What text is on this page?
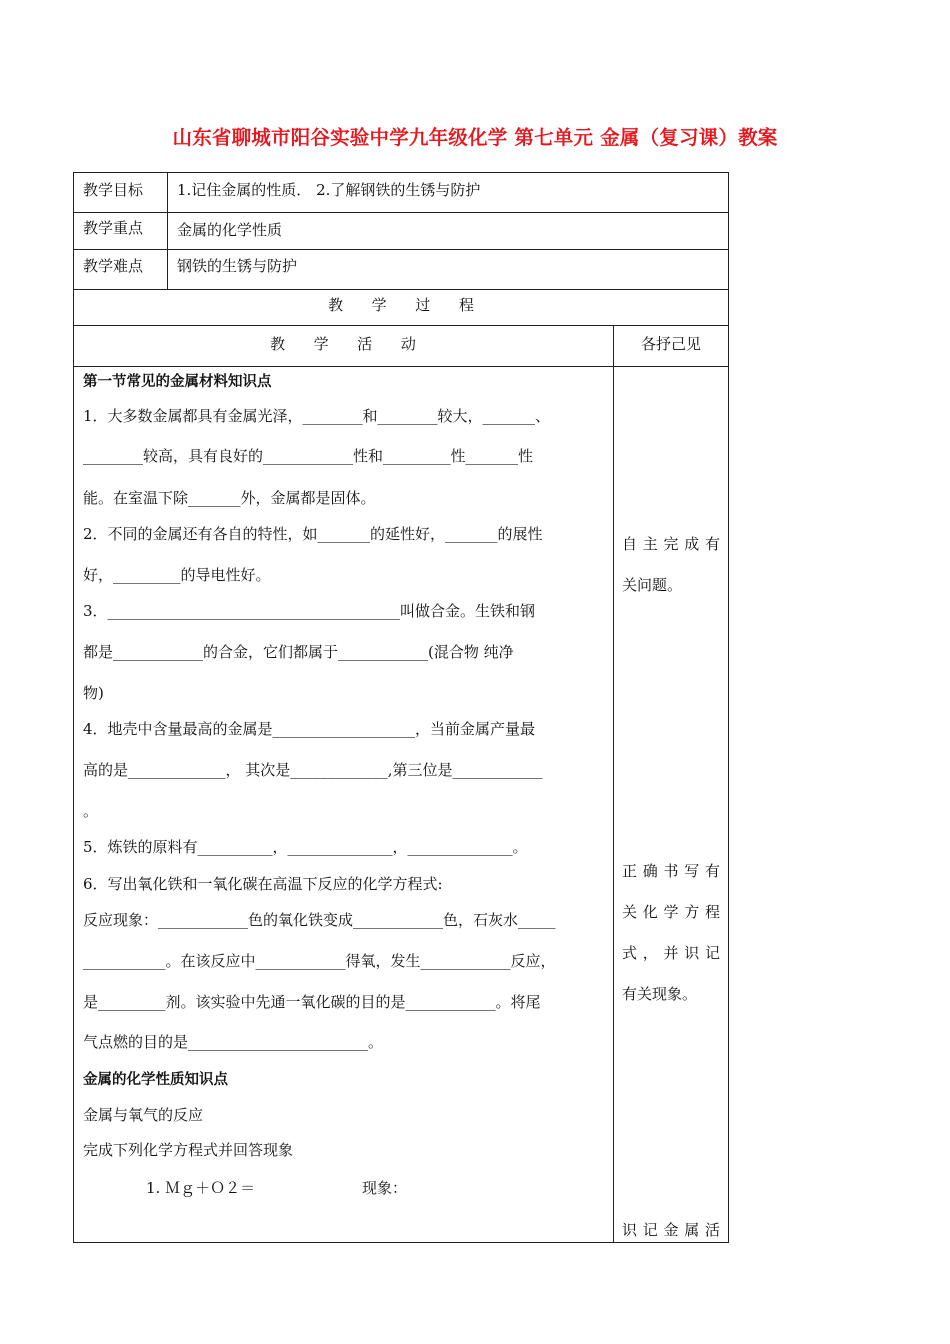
山东省聊城市阳谷实验中学九年级化学 第七单元 金属（复习课）教案
教学目标 1.记住金属的性质． 2.了解钢铁的生锈与防护
教学重点 金属的化学性质
教学难点 钢铁的生锈与防护
教      学      过      程
教      学      活      动	各抒己见
第一节常见的金属材料知识点
1．大多数金属都具有金属光泽，________和________较大，_______、
________较高，具有良好的____________性和_________性_______性
能。在室温下除_______外，金属都是固体。
2．不同的金属还有各自的特性，如_______的延性好，_______的展性
好，_________的导电性好。
3．_______________________________________叫做合金。生铁和钢
都是____________的合金，它们都属于____________(混合物 纯净
物)
4．地壳中含量最高的金属是___________________，当前金属产量最
高的是_____________， 其次是_____________,第三位是____________
。
5．炼铁的原料有__________，______________，______________。
6．写出氧化铁和一氧化碳在高温下反应的化学方程式:
反应现象：____________色的氧化铁变成____________色，石灰水_____
___________。在该反应中____________得氧，发生____________反应，
是_________剂。该实验中先通一氧化碳的目的是____________。将尾
气点燃的目的是________________________。
金属的化学性质知识点
金属与氧气的反应
完成下列化学方程式并回答现象
1. Ｍｇ＋Ｏ２＝	现象：
自主完成有
关问题。
正确书写有
关化学方程
式，并识记
有关现象。
识记金属活
